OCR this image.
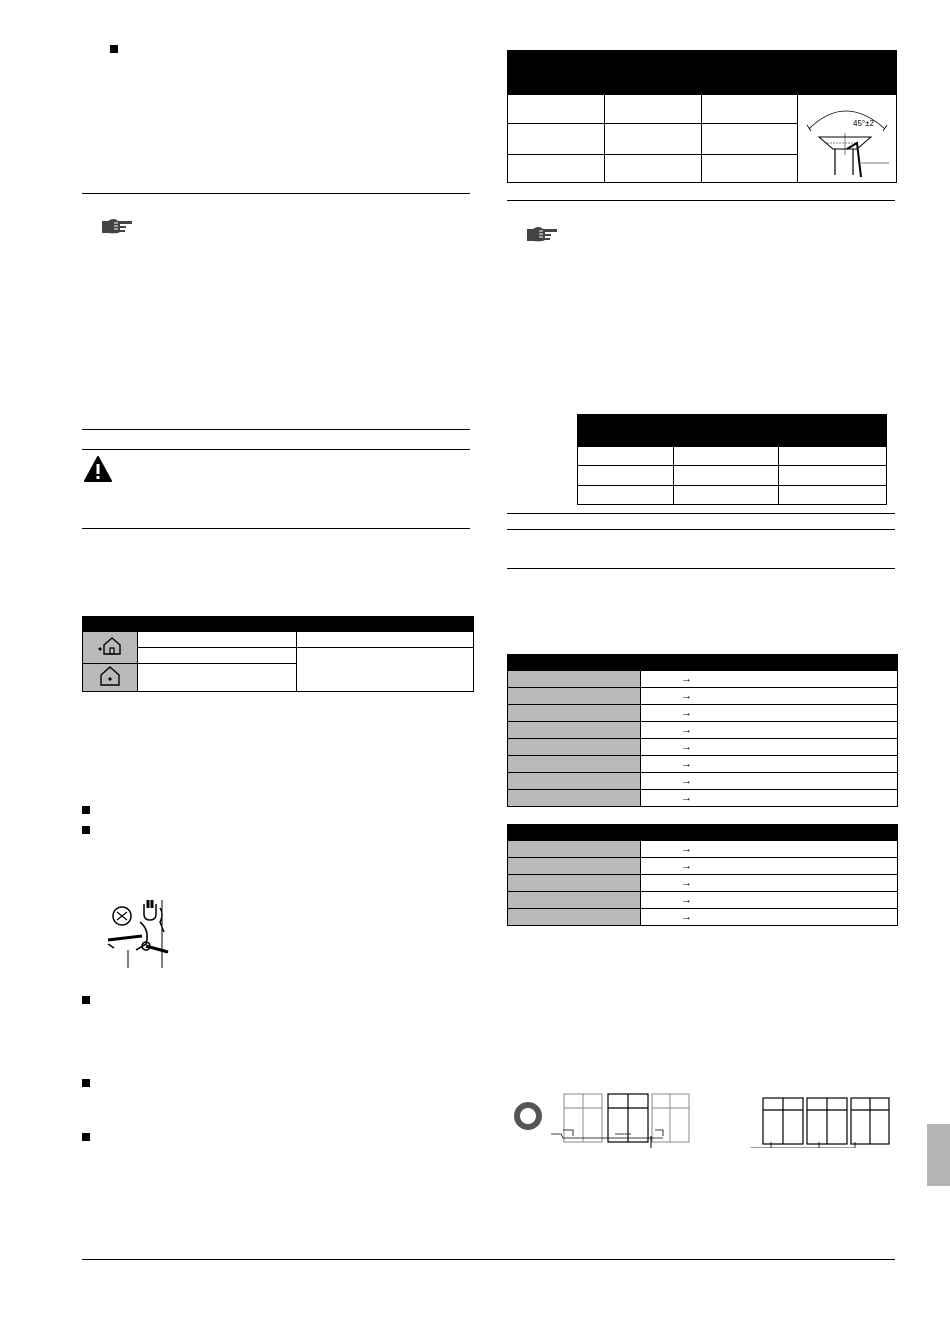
45°±2

	→
	→
	→
	→
	→
	→
	→
	→

	→
	→
	→
	→
	→
